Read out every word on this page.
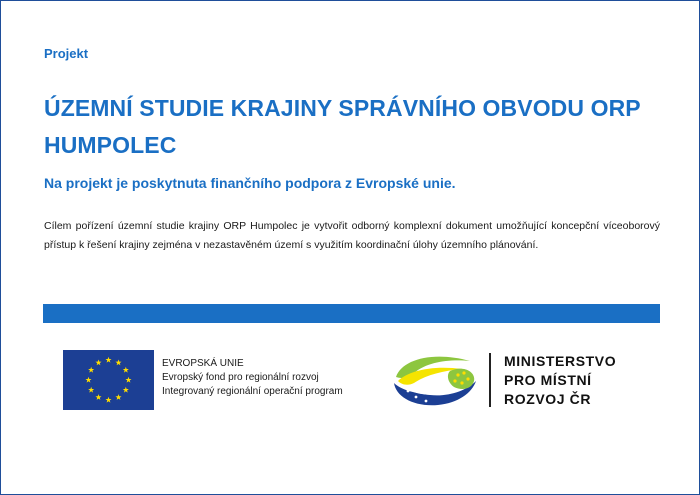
Projekt
ÚZEMNÍ STUDIE KRAJINY SPRÁVNÍHO OBVODU ORP HUMPOLEC
Na projekt je poskytnuta finančního podpora z Evropské unie.
Cílem pořízení územní studie krajiny ORP Humpolec je vytvořit odborný komplexní dokument umožňující koncepční víceoborový přístup k řešení krajiny zejména v nezastavěném území s využitím koordinační úlohy územního plánování.
EVROPSKÁ UNIE
Evropský fond pro regionální rozvoj
Integrovaný regionální operační program
MINISTERSTVO
PRO MÍSTNÍ
ROZVOJ ČR
